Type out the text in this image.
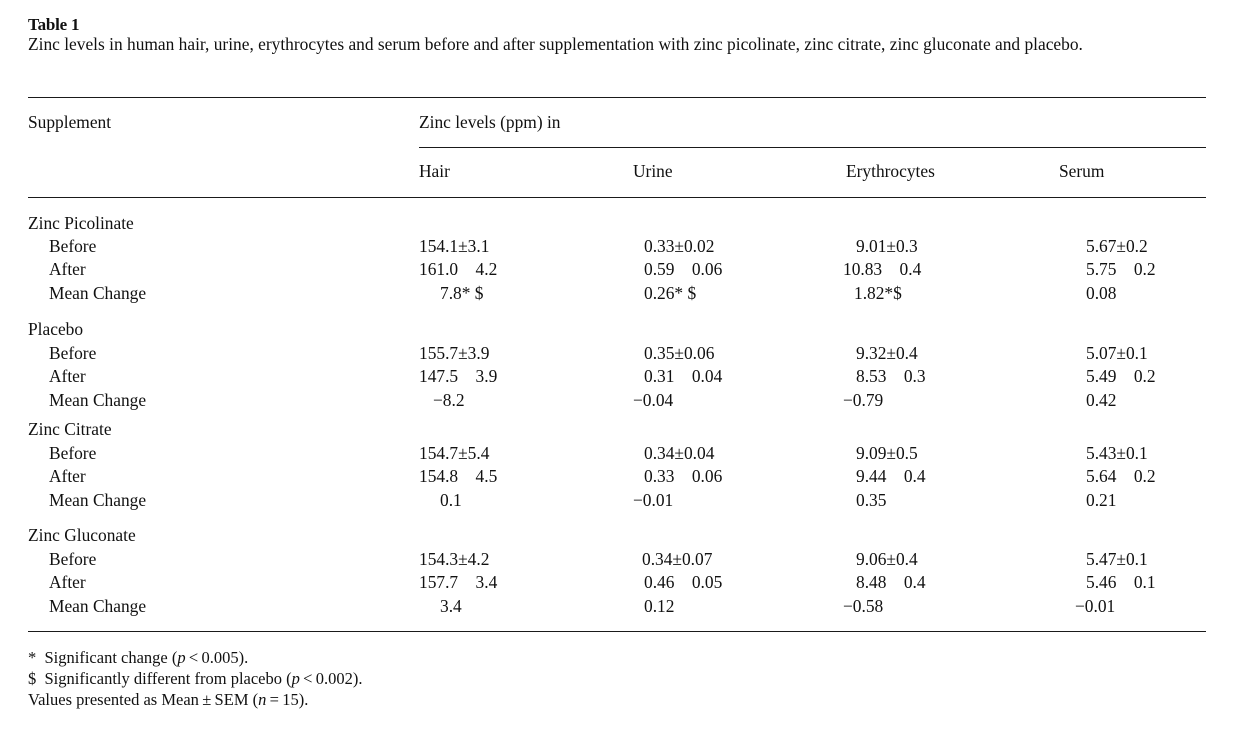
Table 1
Zinc levels in human hair, urine, erythrocytes and serum before and after supplementation with zinc picolinate, zinc citrate, zinc gluconate and placebo.
Supplement	Zinc levels (ppm) in
Hair	Urine	Erythrocytes	Serum
Zinc Picolinate
Before	154.1±3.1	0.33±0.02	9.01±0.3	5.67±0.2
After	161.0    4.2	0.59    0.06	10.83    0.4	5.75    0.2
Mean Change	7.8* $	0.26* $	1.82*$	0.08
Placebo
Before	155.7±3.9	0.35±0.06	9.32±0.4	5.07±0.1
After	147.5    3.9	0.31    0.04	8.53    0.3	5.49    0.2
Mean Change	−8.2	−0.04	−0.79	0.42
Zinc Citrate
Before	154.7±5.4	0.34±0.04	9.09±0.5	5.43±0.1
After	154.8    4.5	0.33    0.06	9.44    0.4	5.64    0.2
Mean Change	0.1	−0.01	0.35	0.21
Zinc Gluconate
Before	154.3±4.2	0.34±0.07	9.06±0.4	5.47±0.1
After	157.7    3.4	0.46    0.05	8.48    0.4	5.46    0.1
Mean Change	3.4	0.12	−0.58	−0.01
* Significant change (p < 0.005).
$ Significantly different from placebo (p < 0.002).
Values presented as Mean ± SEM (n = 15).
